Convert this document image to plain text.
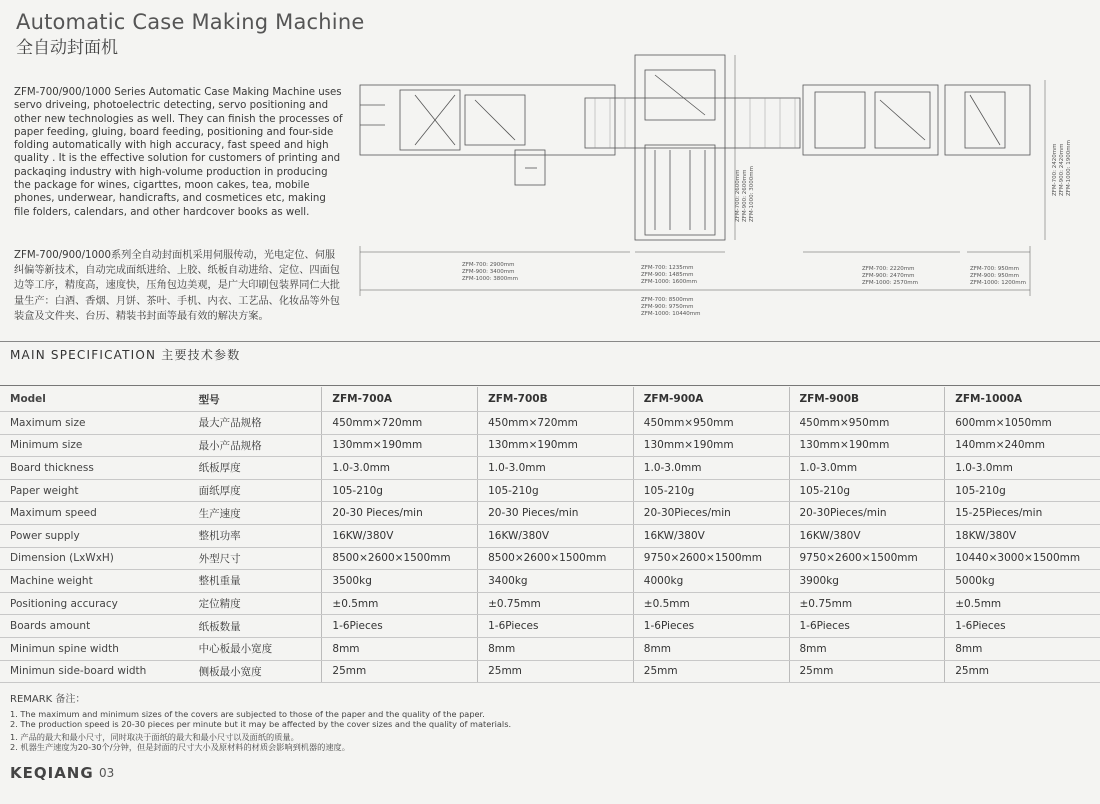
Automatic Case Making Machine
全自动封面机
ZFM-700/900/1000 Series Automatic Case Making Machine uses servo driveing, photoelectric detecting, servo positioning and other new technologies as well. They can finish the processes of paper feeding, gluing, board feeding, positioning and four-side folding automatically with high accuracy, fast speed and high quality . It is the effective solution for customers of printing and packaqing industry with high-volume production in producing the package for wines, cigarttes, moon cakes, tea, mobile phones, underwear, handicrafts, and cosmetices etc, making file folders, calendars, and other hardcover books as well.
ZFM-700/900/1000系列全自动封面机采用伺服传动，光电定位、伺服纠偏等新技术，自动完成面纸进给、上胶、纸板自动进给、定位、四面包边等工序，精度高，速度快，压角包边美观，是广大印刷包装界同仁大批量生产：白酒、香烟、月饼、茶叶、手机、内衣、工艺品、化妆品等外包装盒及文件夹、台历、精装书封面等最有效的解决方案。
ZFM-700: 2900mm
ZFM-900: 3400mm
ZFM-1000: 3800mm
ZFM-700: 1235mm
ZFM-900: 1485mm
ZFM-1000: 1600mm
ZFM-700: 2220mm
ZFM-900: 2470mm
ZFM-1000: 2570mm
ZFM-700: 950mm
ZFM-900: 950mm
ZFM-1000: 1200mm
ZFM-700: 8500mm
ZFM-900: 9750mm
ZFM-1000: 10440mm
ZFM-700: 2600mm ZFM-900: 2600mm ZFM-1000: 3000mm	ZFM-700: 2420mm ZFM-900: 2420mm ZFM-1000: 1900mm
MAIN SPECIFICATION 主要技术参数
Model	型号	ZFM-700A	ZFM-700B	ZFM-900A	ZFM-900B	ZFM-1000A
Maximum size	最大产品规格	450mm×720mm	450mm×720mm	450mm×950mm	450mm×950mm	600mm×1050mm
Minimum size	最小产品规格	130mm×190mm	130mm×190mm	130mm×190mm	130mm×190mm	140mm×240mm
Board thickness	纸板厚度	1.0-3.0mm	1.0-3.0mm	1.0-3.0mm	1.0-3.0mm	1.0-3.0mm
Paper weight	面纸厚度	105-210g	105-210g	105-210g	105-210g	105-210g
Maximum speed	生产速度	20-30 Pieces/min	20-30 Pieces/min	20-30Pieces/min	20-30Pieces/min	15-25Pieces/min
Power supply	整机功率	16KW/380V	16KW/380V	16KW/380V	16KW/380V	18KW/380V
Dimension (LxWxH)	外型尺寸	8500×2600×1500mm	8500×2600×1500mm	9750×2600×1500mm	9750×2600×1500mm	10440×3000×1500mm
Machine weight	整机重量	3500kg	3400kg	4000kg	3900kg	5000kg
Positioning accuracy	定位精度	±0.5mm	±0.75mm	±0.5mm	±0.75mm	±0.5mm
Boards amount	纸板数量	1-6Pieces	1-6Pieces	1-6Pieces	1-6Pieces	1-6Pieces
Minimun spine width	中心板最小宽度	8mm	8mm	8mm	8mm	8mm
Minimun side-board width	侧板最小宽度	25mm	25mm	25mm	25mm	25mm
REMARK 备注：
1. The maximum and minimum sizes of the covers are subjected to those of the paper and the quality of the paper.
2. The production speed is 20-30 pieces per minute but it may be affected by the cover sizes and the quality of materials.
1. 产品的最大和最小尺寸，同时取决于面纸的最大和最小尺寸以及面纸的质量。
2. 机器生产速度为20-30个/分钟，但是封面的尺寸大小及原材料的材质会影响到机器的速度。
KEQIANG 03
